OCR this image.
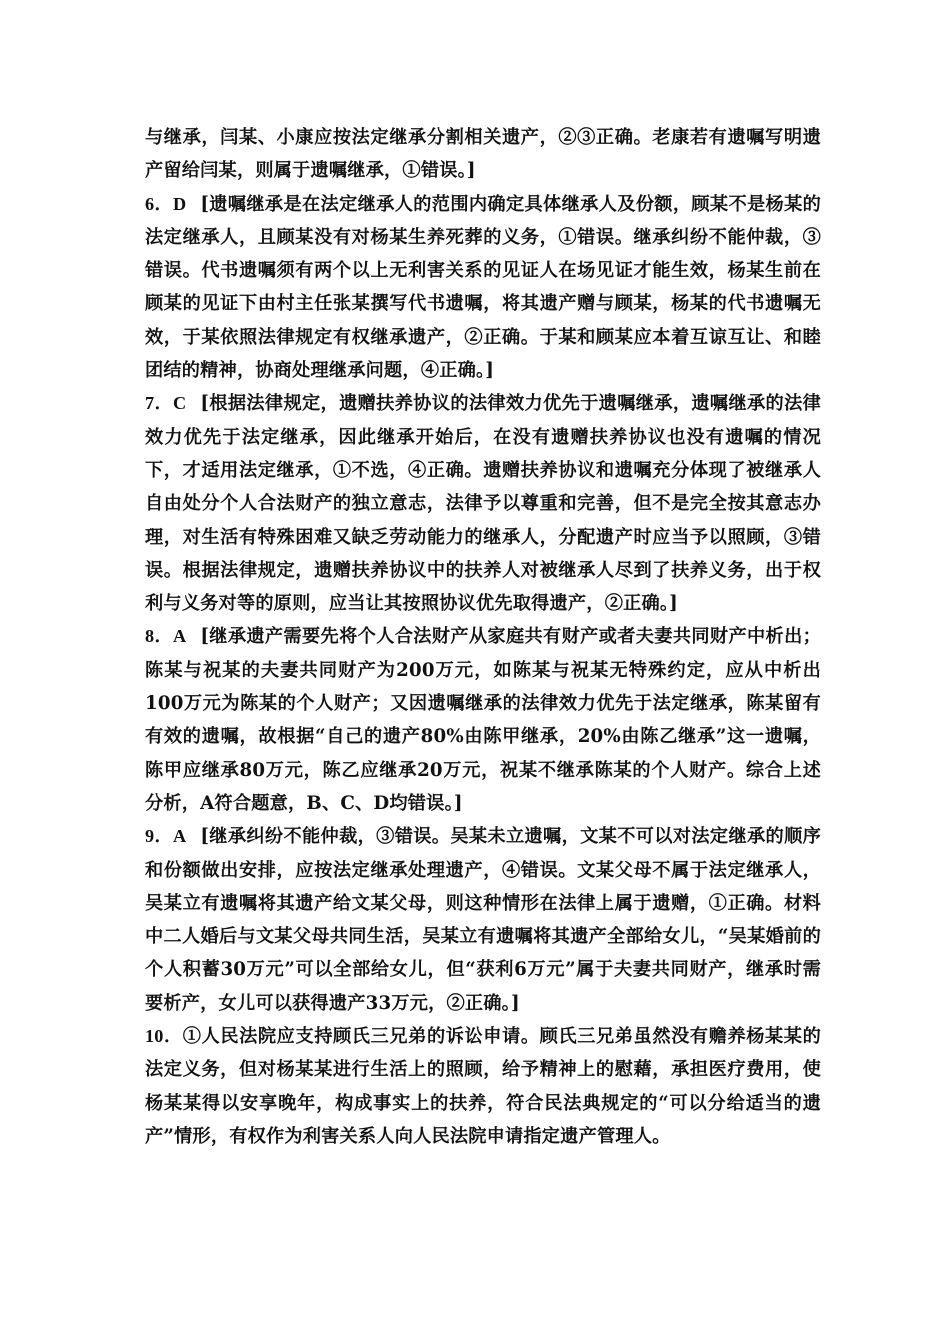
与继承，闫某、小康应按法定继承分割相关遗产，②③正确。老康若有遗嘱写明遗产留给闫某，则属于遗嘱继承，①错误。]

6．D [遗嘱继承是在法定继承人的范围内确定具体继承人及份额，顾某不是杨某的法定继承人，且顾某没有对杨某生养死葬的义务，①错误。继承纠纷不能仲裁，③错误。代书遗嘱须有两个以上无利害关系的见证人在场见证才能生效，杨某生前在顾某的见证下由村主任张某撰写代书遗嘱，将其遗产赠与顾某，杨某的代书遗嘱无效，于某依照法律规定有权继承遗产，②正确。于某和顾某应本着互谅互让、和睦团结的精神，协商处理继承问题，④正确。]

7．C [根据法律规定，遗赠扶养协议的法律效力优先于遗嘱继承，遗嘱继承的法律效力优先于法定继承，因此继承开始后，在没有遗赠扶养协议也没有遗嘱的情况下，才适用法定继承，①不选，④正确。遗赠扶养协议和遗嘱充分体现了被继承人自由处分个人合法财产的独立意志，法律予以尊重和完善，但不是完全按其意志办理，对生活有特殊困难又缺乏劳动能力的继承人，分配遗产时应当予以照顾，③错误。根据法律规定，遗赠扶养协议中的扶养人对被继承人尽到了扶养义务，出于权利与义务对等的原则，应当让其按照协议优先取得遗产，②正确。]

8．A [继承遗产需要先将个人合法财产从家庭共有财产或者夫妻共同财产中析出；陈某与祝某的夫妻共同财产为200万元，如陈某与祝某无特殊约定，应从中析出100万元为陈某的个人财产；又因遗嘱继承的法律效力优先于法定继承，陈某留有有效的遗嘱，故根据“自己的遗产80%由陈甲继承，20%由陈乙继承”这一遗嘱，陈甲应继承80万元，陈乙应继承20万元，祝某不继承陈某的个人财产。综合上述分析，A符合题意，B、C、D均错误。]

9．A [继承纠纷不能仲裁，③错误。吴某未立遗嘱，文某不可以对法定继承的顺序和份额做出安排，应按法定继承处理遗产，④错误。文某父母不属于法定继承人，吴某立有遗嘱将其遗产给文某父母，则这种情形在法律上属于遗赠，①正确。材料中二人婚后与文某父母共同生活，吴某立有遗嘱将其遗产全部给女儿，“吴某婚前的个人积蓄30万元”可以全部给女儿，但“获利6万元”属于夫妻共同财产，继承时需要析产，女儿可以获得遗产33万元，②正确。]

10．①人民法院应支持顾氏三兄弟的诉讼申请。顾氏三兄弟虽然没有赡养杨某某的法定义务，但对杨某某进行生活上的照顾，给予精神上的慰藉，承担医疗费用，使杨某某得以安享晚年，构成事实上的扶养，符合民法典规定的“可以分给适当的遗产”情形，有权作为利害关系人向人民法院申请指定遗产管理人。
